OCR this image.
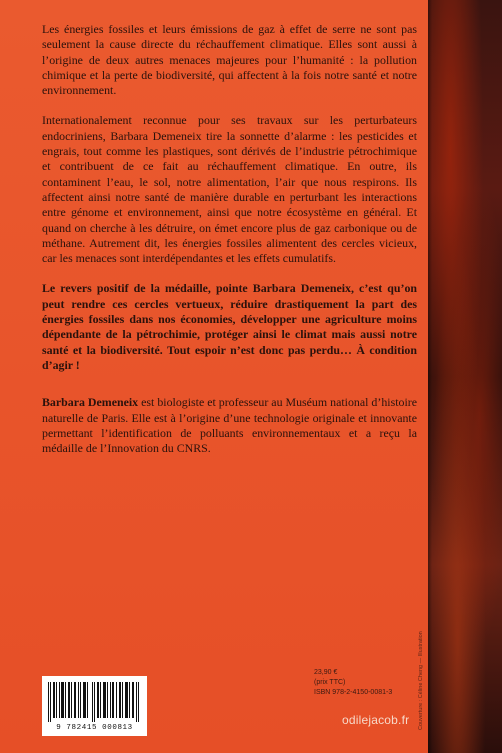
Les énergies fossiles et leurs émissions de gaz à effet de serre ne sont pas seulement la cause directe du réchauffement climatique. Elles sont aussi à l’origine de deux autres menaces majeures pour l’humanité : la pollution chimique et la perte de biodiversité, qui affectent à la fois notre santé et notre environnement.

Internationalement reconnue pour ses travaux sur les perturbateurs endocriniens, Barbara Demeneix tire la sonnette d’alarme : les pesticides et engrais, tout comme les plastiques, sont dérivés de l’industrie pétrochimique et contribuent de ce fait au réchauffement climatique. En outre, ils contaminent l’eau, le sol, notre alimentation, l’air que nous respirons. Ils affectent ainsi notre santé de manière durable en perturbant les interactions entre génome et environnement, ainsi que notre écosystème en général. Et quand on cherche à les détruire, on émet encore plus de gaz carbonique ou de méthane. Autrement dit, les énergies fossiles alimentent des cercles vicieux, car les menaces sont interdépendantes et les effets cumulatifs.

Le revers positif de la médaille, pointe Barbara Demeneix, c’est qu’on peut rendre ces cercles vertueux, réduire drastiquement la part des énergies fossiles dans nos économies, développer une agriculture moins dépendante de la pétrochimie, protéger ainsi le climat mais aussi notre santé et la biodiversité. Tout espoir n’est donc pas perdu… À condition d’agir !

Barbara Demeneix est biologiste et professeur au Muséum national d’histoire naturelle de Paris. Elle est à l’origine d’une technologie originale et innovante permettant l’identification de polluants environnementaux et a reçu la médaille de l’Innovation du CNRS.

Couverture : Céline Cheng — Illustration
23,90 €
(prix TTC)
ISBN 978-2-4150-0081-3
9 782415 000813
odilejacob.fr
